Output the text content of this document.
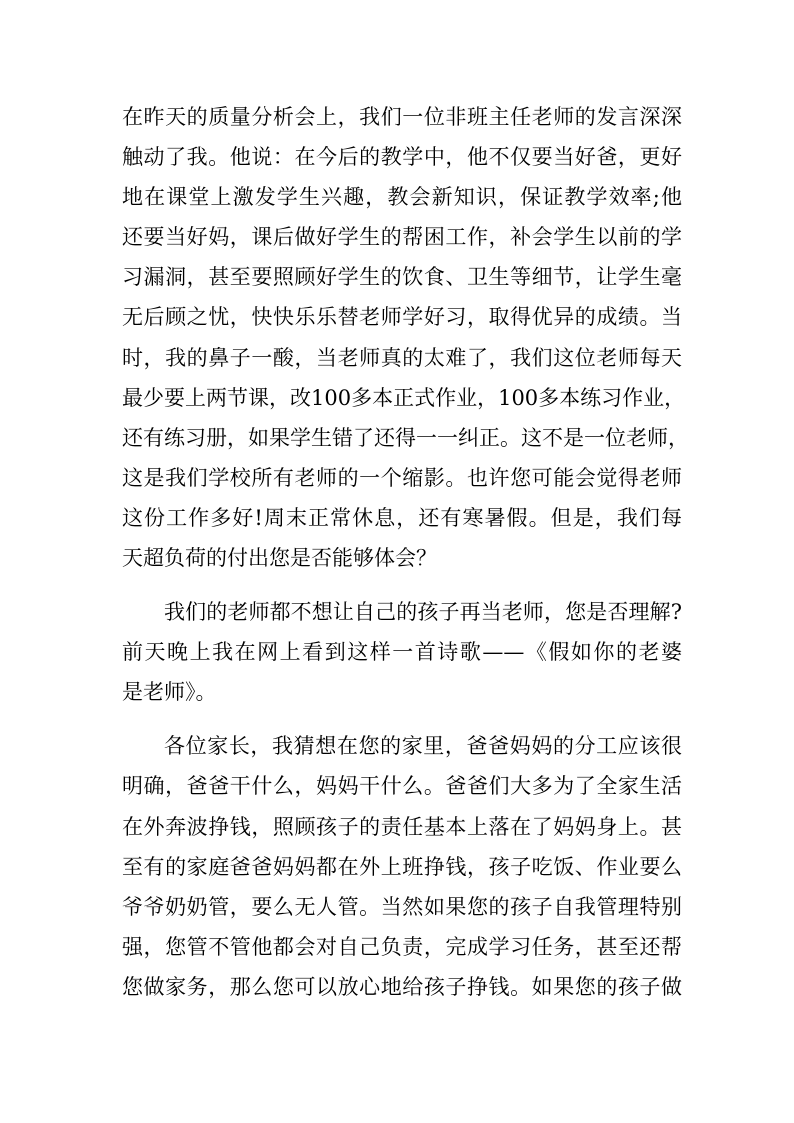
在昨天的质量分析会上，我们一位非班主任老师的发言深深
触动了我。他说：在今后的教学中，他不仅要当好爸，更好
地在课堂上激发学生兴趣，教会新知识，保证教学效率;他
还要当好妈，课后做好学生的帮困工作，补会学生以前的学
习漏洞，甚至要照顾好学生的饮食、卫生等细节，让学生毫
无后顾之忧，快快乐乐替老师学好习，取得优异的成绩。当
时，我的鼻子一酸，当老师真的太难了，我们这位老师每天
最少要上两节课，改100多本正式作业，100多本练习作业，
还有练习册，如果学生错了还得一一纠正。这不是一位老师，
这是我们学校所有老师的一个缩影。也许您可能会觉得老师
这份工作多好!周末正常休息，还有寒暑假。但是，我们每
天超负荷的付出您是否能够体会？
我们的老师都不想让自己的孩子再当老师，您是否理解?
前天晚上我在网上看到这样一首诗歌——《假如你的老婆
是老师》。
各位家长，我猜想在您的家里，爸爸妈妈的分工应该很
明确，爸爸干什么，妈妈干什么。爸爸们大多为了全家生活
在外奔波挣钱，照顾孩子的责任基本上落在了妈妈身上。甚
至有的家庭爸爸妈妈都在外上班挣钱，孩子吃饭、作业要么
爷爷奶奶管，要么无人管。当然如果您的孩子自我管理特别
强，您管不管他都会对自己负责，完成学习任务，甚至还帮
您做家务，那么您可以放心地给孩子挣钱。如果您的孩子做
